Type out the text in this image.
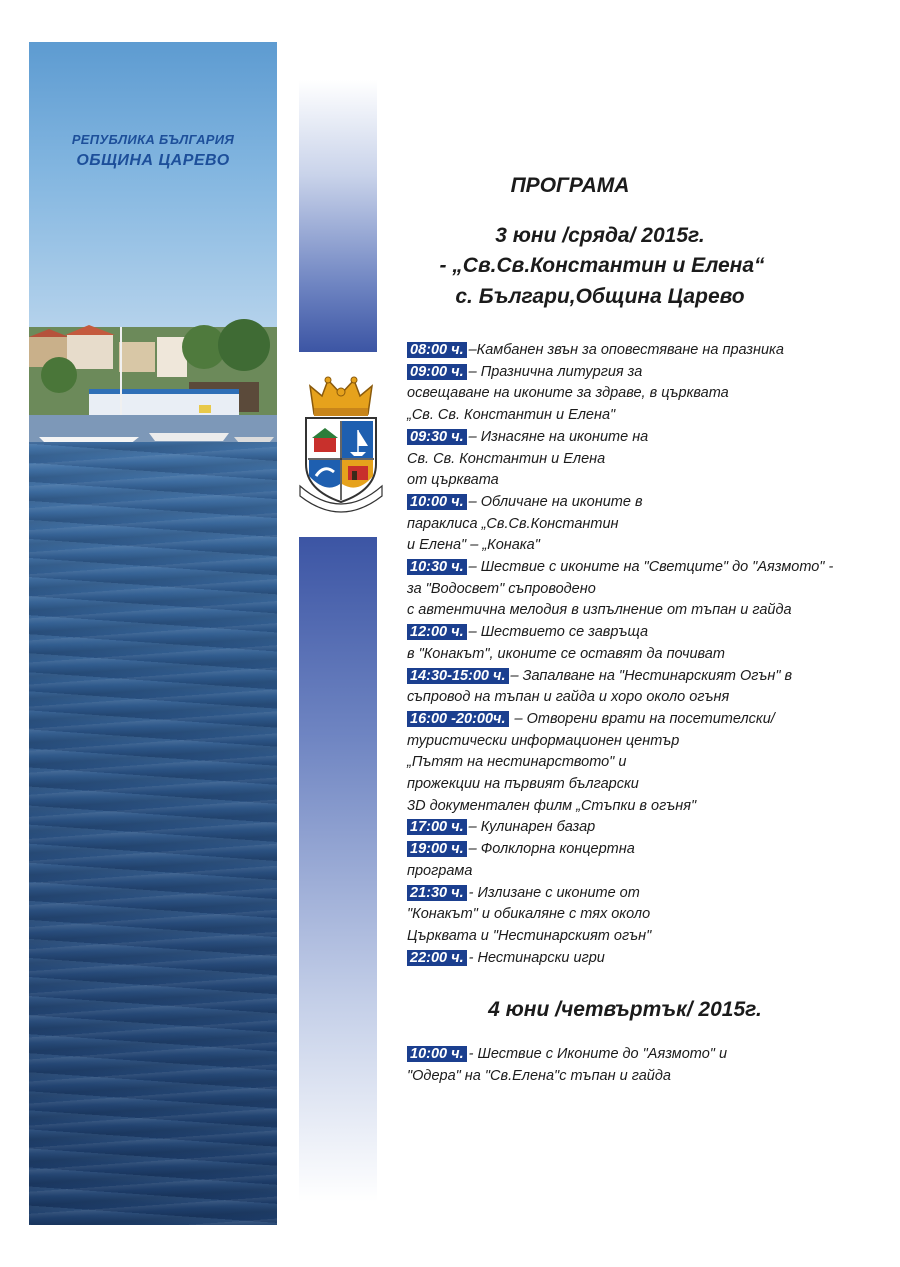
РЕПУБЛИКА БЪЛГАРИЯ
ОБЩИНА ЦАРЕВО
ПРОГРАМА
3 юни /сряда/ 2015г.
- „Св.Св.Константин и Елена“
с. Българи,Община Царево
08:00 ч. –Камбанен звън за оповестяване на празника
09:00 ч. – Празнична литургия за
освещаване на иконите за здраве, в църквата
„Св. Св. Константин и Елена"
09:30 ч. – Изнасяне на иконите на
Св. Св. Константин и Елена
от църквата
10:00 ч. – Обличане на иконите в
параклиса „Св.Св.Константин
и Елена" – „Конака"
10:30 ч. – Шествие с иконите на "Светците" до "Аязмото" -
за "Водосвет" съпроводено
с автентична мелодия в изпълнение от тъпан и гайда
12:00 ч. – Шествието се завръща
в "Конакът", иконите се оставят да почиват
14:30-15:00 ч. – Запалване на "Нестинарският Огън" в
съпровод на тъпан и гайда и хоро около огъня
16:00 -20:00ч. – Отворени врати на посетителски/
туристически информационен център
„Пътят на нестинарството" и
прожекции на първият български
3D документален филм „Стъпки в огъня"
17:00 ч. – Кулинарен базар
19:00 ч. – Фолклорна концертна
програма
21:30 ч. - Излизане с иконите от
"Конакът" и обикаляне с тях около
Църквата и "Нестинарският огън"
22:00 ч. - Нестинарски игри
4 юни /четвъртък/ 2015г.
10:00 ч. - Шествие с Иконите до "Аязмото" и
"Одера" на "Св.Елена"с тъпан и гайда
